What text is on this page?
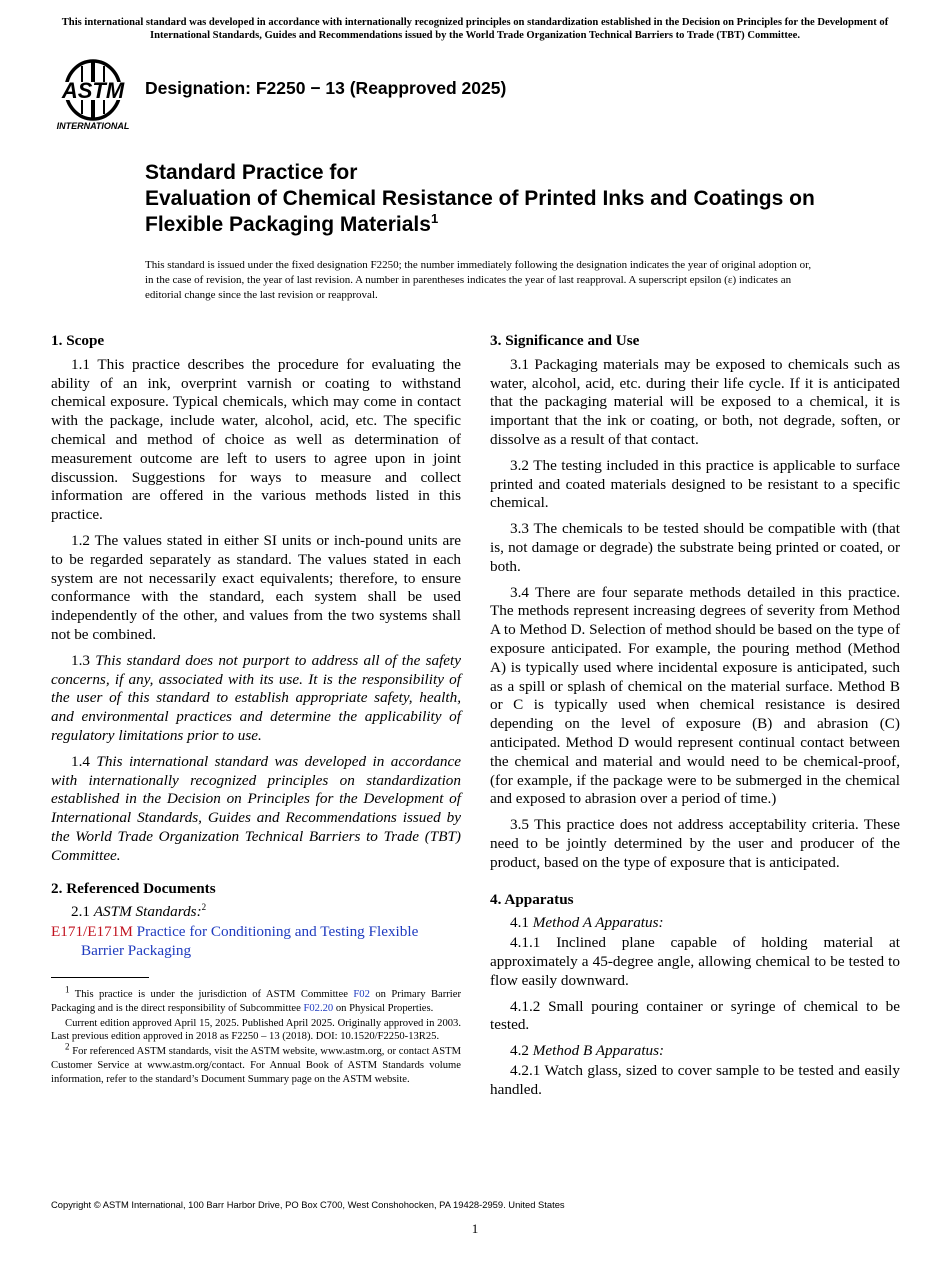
This international standard was developed in accordance with internationally recognized principles on standardization established in the Decision on Principles for the Development of International Standards, Guides and Recommendations issued by the World Trade Organization Technical Barriers to Trade (TBT) Committee.
ASTM
INTERNATIONAL
Designation: F2250 − 13 (Reapproved 2025)
Standard Practice for
Evaluation of Chemical Resistance of Printed Inks and Coatings on Flexible Packaging Materials$^1$
This standard is issued under the fixed designation F2250; the number immediately following the designation indicates the year of original adoption or, in the case of revision, the year of last revision. A number in parentheses indicates the year of last reapproval. A superscript epsilon (ε) indicates an editorial change since the last revision or reapproval.
1. Scope

1.1 This practice describes the procedure for evaluating the ability of an ink, overprint varnish or coating to withstand chemical exposure. Typical chemicals, which may come in contact with the package, include water, alcohol, acid, etc. The specific chemical and method of choice as well as determination of measurement outcome are left to users to agree upon in joint discussion. Suggestions for ways to measure and collect information are offered in the various methods listed in this practice.

1.2 The values stated in either SI units or inch-pound units are to be regarded separately as standard. The values stated in each system are not necessarily exact equivalents; therefore, to ensure conformance with the standard, each system shall be used independently of the other, and values from the two systems shall not be combined.

1.3 This standard does not purport to address all of the safety concerns, if any, associated with its use. It is the responsibility of the user of this standard to establish appropriate safety, health, and environmental practices and determine the applicability of regulatory limitations prior to use.

1.4 This international standard was developed in accordance with internationally recognized principles on standardization established in the Decision on Principles for the Development of International Standards, Guides and Recommendations issued by the World Trade Organization Technical Barriers to Trade (TBT) Committee.

2. Referenced Documents

2.1 ASTM Standards:$^2$

E171/E171M Practice for Conditioning and Testing Flexible Barrier Packaging

3. Significance and Use

3.1 Packaging materials may be exposed to chemicals such as water, alcohol, acid, etc. during their life cycle. If it is anticipated that the packaging material will be exposed to a chemical, it is important that the ink or coating, or both, not degrade, soften, or dissolve as a result of that contact.

3.2 The testing included in this practice is applicable to surface printed and coated materials designed to be resistant to a specific chemical.

3.3 The chemicals to be tested should be compatible with (that is, not damage or degrade) the substrate being printed or coated, or both.

3.4 There are four separate methods detailed in this practice. The methods represent increasing degrees of severity from Method A to Method D. Selection of method should be based on the type of exposure anticipated. For example, the pouring method (Method A) is typically used where incidental exposure is anticipated, such as a spill or splash of chemical on the material surface. Method B or C is typically used when chemical resistance is desired depending on the level of exposure (B) and abrasion (C) anticipated. Method D would represent continual contact between the chemical and material and would need to be chemical-proof, (for example, if the package were to be submerged in the chemical and exposed to abrasion over a period of time.)

3.5 This practice does not address acceptability criteria. These need to be jointly determined by the user and producer of the product, based on the type of exposure that is anticipated.

4. Apparatus

4.1 Method A Apparatus:

4.1.1 Inclined plane capable of holding material at approximately a 45-degree angle, allowing chemical to be tested to flow easily downward.

4.1.2 Small pouring container or syringe of chemical to be tested.

4.2 Method B Apparatus:

4.2.1 Watch glass, sized to cover sample to be tested and easily handled.

$^1$ This practice is under the jurisdiction of ASTM Committee F02 on Primary Barrier Packaging and is the direct responsibility of Subcommittee F02.20 on Physical Properties.

Current edition approved April 15, 2025. Published April 2025. Originally approved in 2003. Last previous edition approved in 2018 as F2250 – 13 (2018). DOI: 10.1520/F2250-13R25.

$^2$ For referenced ASTM standards, visit the ASTM website, www.astm.org, or contact ASTM Customer Service at www.astm.org/contact. For Annual Book of ASTM Standards volume information, refer to the standard’s Document Summary page on the ASTM website.

Copyright © ASTM International, 100 Barr Harbor Drive, PO Box C700, West Conshohocken, PA 19428-2959. United States
1
